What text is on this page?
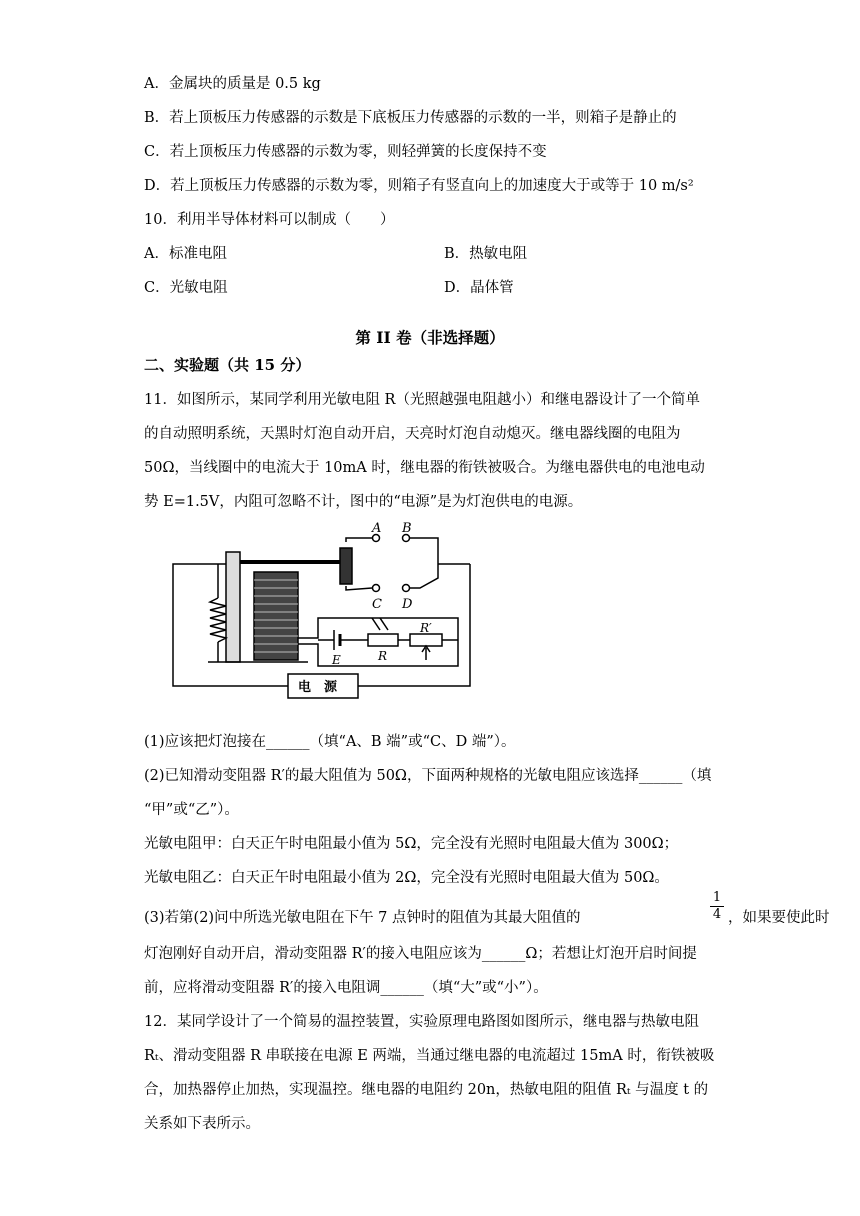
A．金属块的质量是 0.5 kg
B．若上顶板压力传感器的示数是下底板压力传感器的示数的一半，则箱子是静止的
C．若上顶板压力传感器的示数为零，则轻弹簧的长度保持不变
D．若上顶板压力传感器的示数为零，则箱子有竖直向上的加速度大于或等于 10 m/s²
10．利用半导体材料可以制成（　　）
A．标准电阻	B．热敏电阻
C．光敏电阻	D．晶体管
第 II 卷（非选择题）
二、实验题（共 15 分）
11．如图所示，某同学利用光敏电阻 R（光照越强电阻越小）和继电器设计了一个简单
的自动照明系统，天黑时灯泡自动开启，天亮时灯泡自动熄灭。继电器线圈的电阻为
50Ω，当线圈中的电流大于 10mA 时，继电器的衔铁被吸合。为继电器供电的电池电动
势 E=1.5V，内阻可忽略不计，图中的“电源”是为灯泡供电的电源。
A B
C D
E	R
R′
电　源
(1)应该把灯泡接在______（填“A、B 端”或“C、D 端”）。
(2)已知滑动变阻器 R′的最大阻值为 50Ω，下面两种规格的光敏电阻应该选择______（填
“甲”或“乙”）。
光敏电阻甲：白天正午时电阻最小值为 5Ω，完全没有光照时电阻最大值为 300Ω；
光敏电阻乙：白天正午时电阻最小值为 2Ω，完全没有光照时电阻最大值为 50Ω。
(3)若第(2)问中所选光敏电阻在下午 7 点钟时的阻值为其最大阻值的	$\frac{1}{4}$ ，如果要使此时
灯泡刚好自动开启，滑动变阻器 R′的接入电阻应该为______Ω；若想让灯泡开启时间提
前，应将滑动变阻器 R′的接入电阻调______（填“大”或“小”）。
12．某同学设计了一个简易的温控装置，实验原理电路图如图所示，继电器与热敏电阻
Rₜ、滑动变阻器 R 串联接在电源 E 两端，当通过继电器的电流超过 15mA 时，衔铁被吸
合，加热器停止加热，实现温控。继电器的电阻约 20n，热敏电阻的阻值 Rₜ 与温度 t 的
关系如下表所示。
